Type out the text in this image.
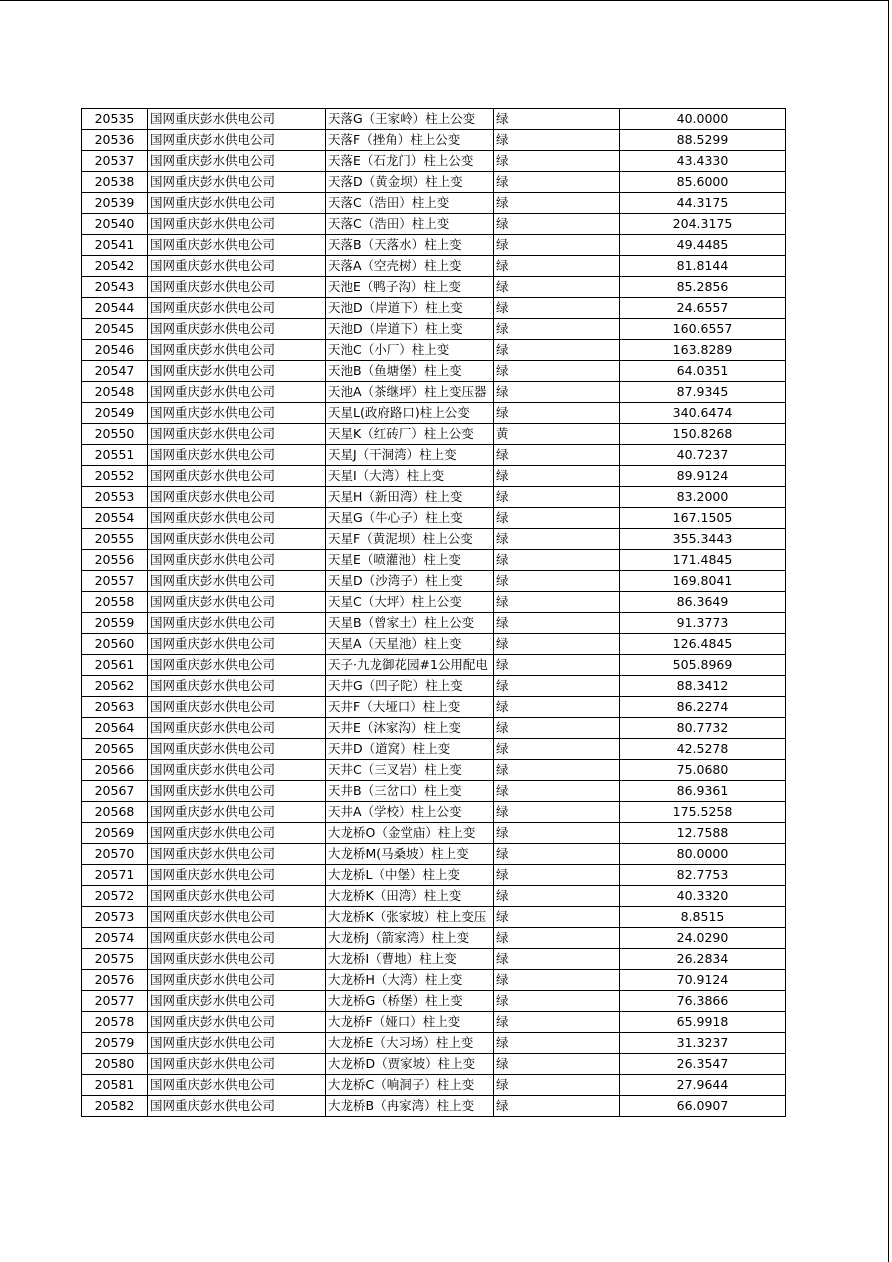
20535	国网重庆彭水供电公司	天落G（王家岭）柱上公变	绿	40.0000
20536	国网重庆彭水供电公司	天落F（挫角）柱上公变	绿	88.5299
20537	国网重庆彭水供电公司	天落E（石龙门）柱上公变	绿	43.4330
20538	国网重庆彭水供电公司	天落D（黄金坝）柱上变	绿	85.6000
20539	国网重庆彭水供电公司	天落C（浩田）柱上变	绿	44.3175
20540	国网重庆彭水供电公司	天落C（浩田）柱上变	绿	204.3175
20541	国网重庆彭水供电公司	天落B（天落水）柱上变	绿	49.4485
20542	国网重庆彭水供电公司	天落A（空壳树）柱上变	绿	81.8144
20543	国网重庆彭水供电公司	天池E（鸭子沟）柱上变	绿	85.2856
20544	国网重庆彭水供电公司	天池D（岸道下）柱上变	绿	24.6557
20545	国网重庆彭水供电公司	天池D（岸道下）柱上变	绿	160.6557
20546	国网重庆彭水供电公司	天池C（小厂）柱上变	绿	163.8289
20547	国网重庆彭水供电公司	天池B（鱼塘堡）柱上变	绿	64.0351
20548	国网重庆彭水供电公司	天池A（茶继坪）柱上变压器	绿	87.9345
20549	国网重庆彭水供电公司	天星L(政府路口)柱上公变	绿	340.6474
20550	国网重庆彭水供电公司	天星K（红砖厂）柱上公变	黄	150.8268
20551	国网重庆彭水供电公司	天星J（干洞湾）柱上变	绿	40.7237
20552	国网重庆彭水供电公司	天星I（大湾）柱上变	绿	89.9124
20553	国网重庆彭水供电公司	天星H（新田湾）柱上变	绿	83.2000
20554	国网重庆彭水供电公司	天星G（牛心子）柱上变	绿	167.1505
20555	国网重庆彭水供电公司	天星F（黄泥坝）柱上公变	绿	355.3443
20556	国网重庆彭水供电公司	天星E（喷灌池）柱上变	绿	171.4845
20557	国网重庆彭水供电公司	天星D（沙湾子）柱上变	绿	169.8041
20558	国网重庆彭水供电公司	天星C（大坪）柱上公变	绿	86.3649
20559	国网重庆彭水供电公司	天星B（曾家土）柱上公变	绿	91.3773
20560	国网重庆彭水供电公司	天星A（天星池）柱上变	绿	126.4845
20561	国网重庆彭水供电公司	天子·九龙御花园#1公用配电	绿	505.8969
20562	国网重庆彭水供电公司	天井G（凹子陀）柱上变	绿	88.3412
20563	国网重庆彭水供电公司	天井F（大垭口）柱上变	绿	86.2274
20564	国网重庆彭水供电公司	天井E（沐家沟）柱上变	绿	80.7732
20565	国网重庆彭水供电公司	天井D（道窝）柱上变	绿	42.5278
20566	国网重庆彭水供电公司	天井C（三叉岩）柱上变	绿	75.0680
20567	国网重庆彭水供电公司	天井B（三岔口）柱上变	绿	86.9361
20568	国网重庆彭水供电公司	天井A（学校）柱上公变	绿	175.5258
20569	国网重庆彭水供电公司	大龙桥O（金堂庙）柱上变	绿	12.7588
20570	国网重庆彭水供电公司	大龙桥M(马桑坡）柱上变	绿	80.0000
20571	国网重庆彭水供电公司	大龙桥L（中堡）柱上变	绿	82.7753
20572	国网重庆彭水供电公司	大龙桥K（田湾）柱上变	绿	40.3320
20573	国网重庆彭水供电公司	大龙桥K（张家坡）柱上变压	绿	8.8515
20574	国网重庆彭水供电公司	大龙桥J（箭家湾）柱上变	绿	24.0290
20575	国网重庆彭水供电公司	大龙桥I（曹地）柱上变	绿	26.2834
20576	国网重庆彭水供电公司	大龙桥H（大湾）柱上变	绿	70.9124
20577	国网重庆彭水供电公司	大龙桥G（桥堡）柱上变	绿	76.3866
20578	国网重庆彭水供电公司	大龙桥F（娅口）柱上变	绿	65.9918
20579	国网重庆彭水供电公司	大龙桥E（大习场）柱上变	绿	31.3237
20580	国网重庆彭水供电公司	大龙桥D（贾家坡）柱上变	绿	26.3547
20581	国网重庆彭水供电公司	大龙桥C（响洞子）柱上变	绿	27.9644
20582	国网重庆彭水供电公司	大龙桥B（冉家湾）柱上变	绿	66.0907
